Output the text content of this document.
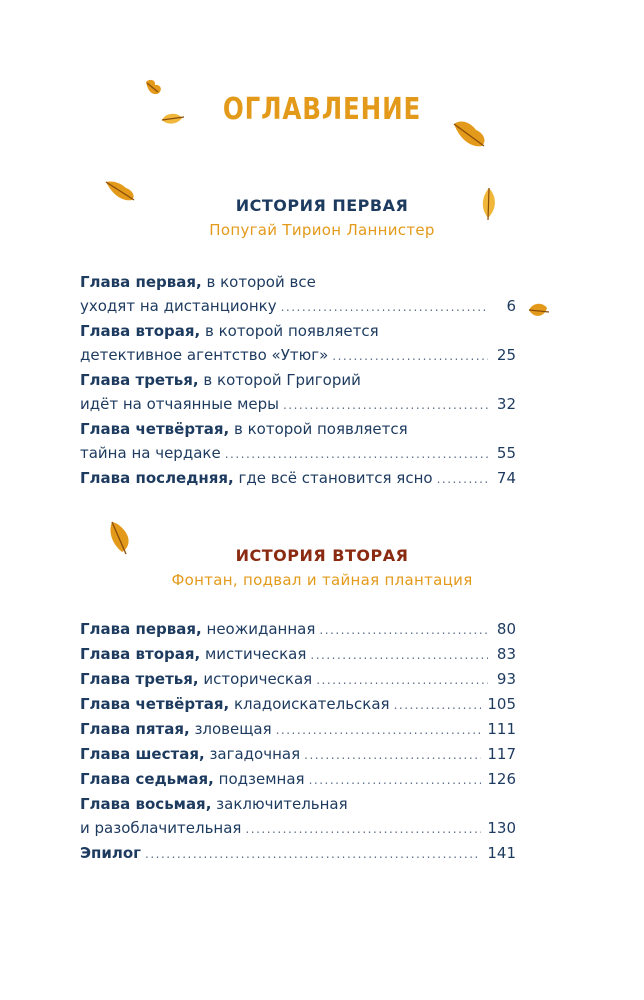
ОГЛАВЛЕНИЕ
ИСТОРИЯ ПЕРВАЯ
Попугай Тирион Ланнистер
Глава первая, в которой все
уходят на дистанционку .....	6
Глава вторая, в которой появляется
детективное агентство «Утюг» .....	25
Глава третья, в которой Григорий
идёт на отчаянные меры .....	32
Глава четвёртая, в которой появляется
тайна на чердаке .....	55
Глава последняя, где всё становится ясно .....	74
ИСТОРИЯ ВТОРАЯ
Фонтан, подвал и тайная плантация
Глава первая, неожиданная .....	80
Глава вторая, мистическая .....	83
Глава третья, историческая .....	93
Глава четвёртая, кладоискательская .....	105
Глава пятая, зловещая .....	111
Глава шестая, загадочная .....	117
Глава седьмая, подземная .....	126
Глава восьмая, заключительная
и разоблачительная .....	130
Эпилог .....	141
